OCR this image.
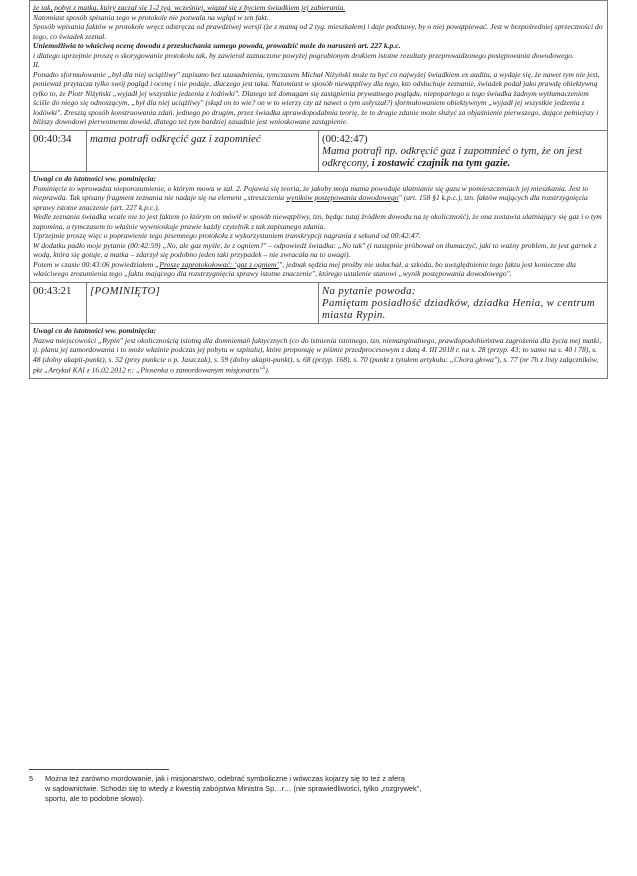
że tak, pobyt z matką, który zaczął się 1-2 tyg. wcześniej, wiązał się z byciem świadkiem jej zabierania.

Natomiast sposób spisania tego w protokole nie pozwala na wgląd w ten fakt.

Sposób wpisania faktów w protokole wręcz odstręcza od prawdziwej wersji (że z mamą od 2 tyg. mieszkałem) i daje podstawy, by o niej powątpiewać. Jest w bezpośredniej sprzeczności do tego, co świadek zeznał.

Uniemożliwia to właściwą ocenę dowodu z przesłuchania samego powoda, prowadzić może do naruszeń art. 227 k.p.c.

i dlatego uprzejmie proszę o skorygowanie protokołu tak, by zawierał zaznaczone powyżej pogrubionym drukiem istotne rezultaty przeprowadzonego postępowania dowodowego.

II.

Ponadto sformułowanie „był dla niej uciążliwy" zapisano bez uzasadnienia, tymczasem Michał Niżyński może tu być co najwyżej świadkiem ex auditu, a wydaje się, że nawet tym nie jest, ponieważ przytacza tylko swój pogląd i ocenę i nie podaje, dlaczego jest taka. Natomiast w sposób niewątpliwy dla tego, kto odsłuchuje zeznanie, świadek podał jako prawdę obiektywną tylko to, że Piotr Niżyński „wyjadł jej wszystkie jedzenia z lodówki". Dlatego też domagam się zastąpienia prywatnego poglądu, niepopartego u tego świadka żadnym wytłumaczeniem ściśle do niego się odnoszącym, „był dla niej uciążliwy" (skąd on to wie? on w to wierzy czy aż nawet o tym usłyszał?) sformułowaniem obiektywnym „wyjadł jej wszystkie jedzenia z lodówki". Zresztą sposób konstruowania zdań, jednego po drugim, przez świadka uprawdopodabnia teorię, że to drugie zdanie może służyć za objaśnienie pierwszego, dające pełniejszy i bliższy dowodowi pierwotnemu dowód, dlatego też tym bardziej zasadnie jest wnioskowane zastąpienie.

00:40:34	mama potrafi odkręcić gaz i zapomnieć	(00:42:47)
Mama potrafi np. odkręcić gaz i zapomnieć o tym, że on jest odkręcony, i zostawić czajnik na tym gazie.

Uwagi co do istotności ww. pominięcia:

Pominięcie to wprowadza nieporozumienie, o którym mowa w zał. 2. Pojawia się teoria, że jakoby moja mama powoduje ulatnianie się gazu w pomieszczeniach jej mieszkania. Jest to nieprawda. Tak spisany fragment zeznania nie nadaje się na element „streszczenia wyników postępowania dowodowego" (art. 158 §1 k.p.c.), tzn. faktów mających dla rozstrzygnięcia sprawy istotne znaczenie (art. 227 k.p.c.).

Wedle zeznania świadka wcale nie to jest faktem (o którym on mówił w sposób niewątpliwy, tzn. będąc tutaj źródłem dowodu na tę okoliczność), że ona zostawia ulatniający się gaz i o tym zapomina, a tymczasem to właśnie wywnioskuje prawie każdy czytelnik z tak zapisanego zdania.

Uprzejmie proszę więc o poprawienie tego pisemnego protokołu z wykorzystaniem transkrypcji nagrania z sekund od 00:42:47.

W dodatku padło moje pytanie (00:42:59) „No, ale gaz myśle, że z ogniem?" – odpowiedź świadka: „No tak" (i następnie próbował on tłumaczyć, jaki to ważny problem, że jest garnek z wodą, która się gotuje, a matka – zdarzył się podobno jeden taki przypadek – nie zwracała na to uwagi).

Potem w czasie 00:43:06 powiedziałem „Proszę zaprotokołować: ‘gaz z ogniem’", jednak sędzia mej prośby nie usłuchał, a szkoda, bo uwzględnienie tego faktu jest konieczne dla właściwego zrozumienia tego „faktu mającego dla rozstrzygnięcia sprawy istotne znaczenie", którego ustalenie stanowi „wynik postępowania dowodowego".

00:43:21	[POMINIĘTO]	Na pytanie powoda:
Pamiętam posiadłość dziadków, dziadka Henia, w centrum miasta Rypin.

Uwagi co do istotności ww. pominięcia:

Nazwa miejscowości „Rypin" jest okolicznością istotną dla domniemań faktycznych (co do istnienia istotnego, tzn. niemarginalnego, prawdopodobieństwa zagrożenia dla życia mej matki, tj. planu jej zamordowania i to może właśnie podczas jej pobytu w szpitalu), które proponuję w piśmie przedprocesowym z datą 4. III 2018 r. na s. 28 (przyp. 43; to samo na s. 40 i 78), s. 48 (dolny akapit-punkt), s. 52 (przy punkcie o p. Jaszczak), s. 59 (dolny akapit-punkt), s. 68 (przyp. 168), s. 70 (punkt z tytułem artykułu: „Chora głowa"), s. 77 (nr 7h z listy załączników, pkt „Artykuł KAI z 16.02.2012 r.: „Piosenka o zamordowanym misjonarzu"$^5$).

5 Można też zarówno mordowanie, jak i misjonarstwo, odebrać symboliczne i wówczas kojarzy się to też z aferą
w sądownictwie. Schodzi się to wtedy z kwestią zabójstwa Ministra Sp…r… (nie sprawiedliwości, tylko „rozgrywek",
sportu, ale to podobne słowo).
